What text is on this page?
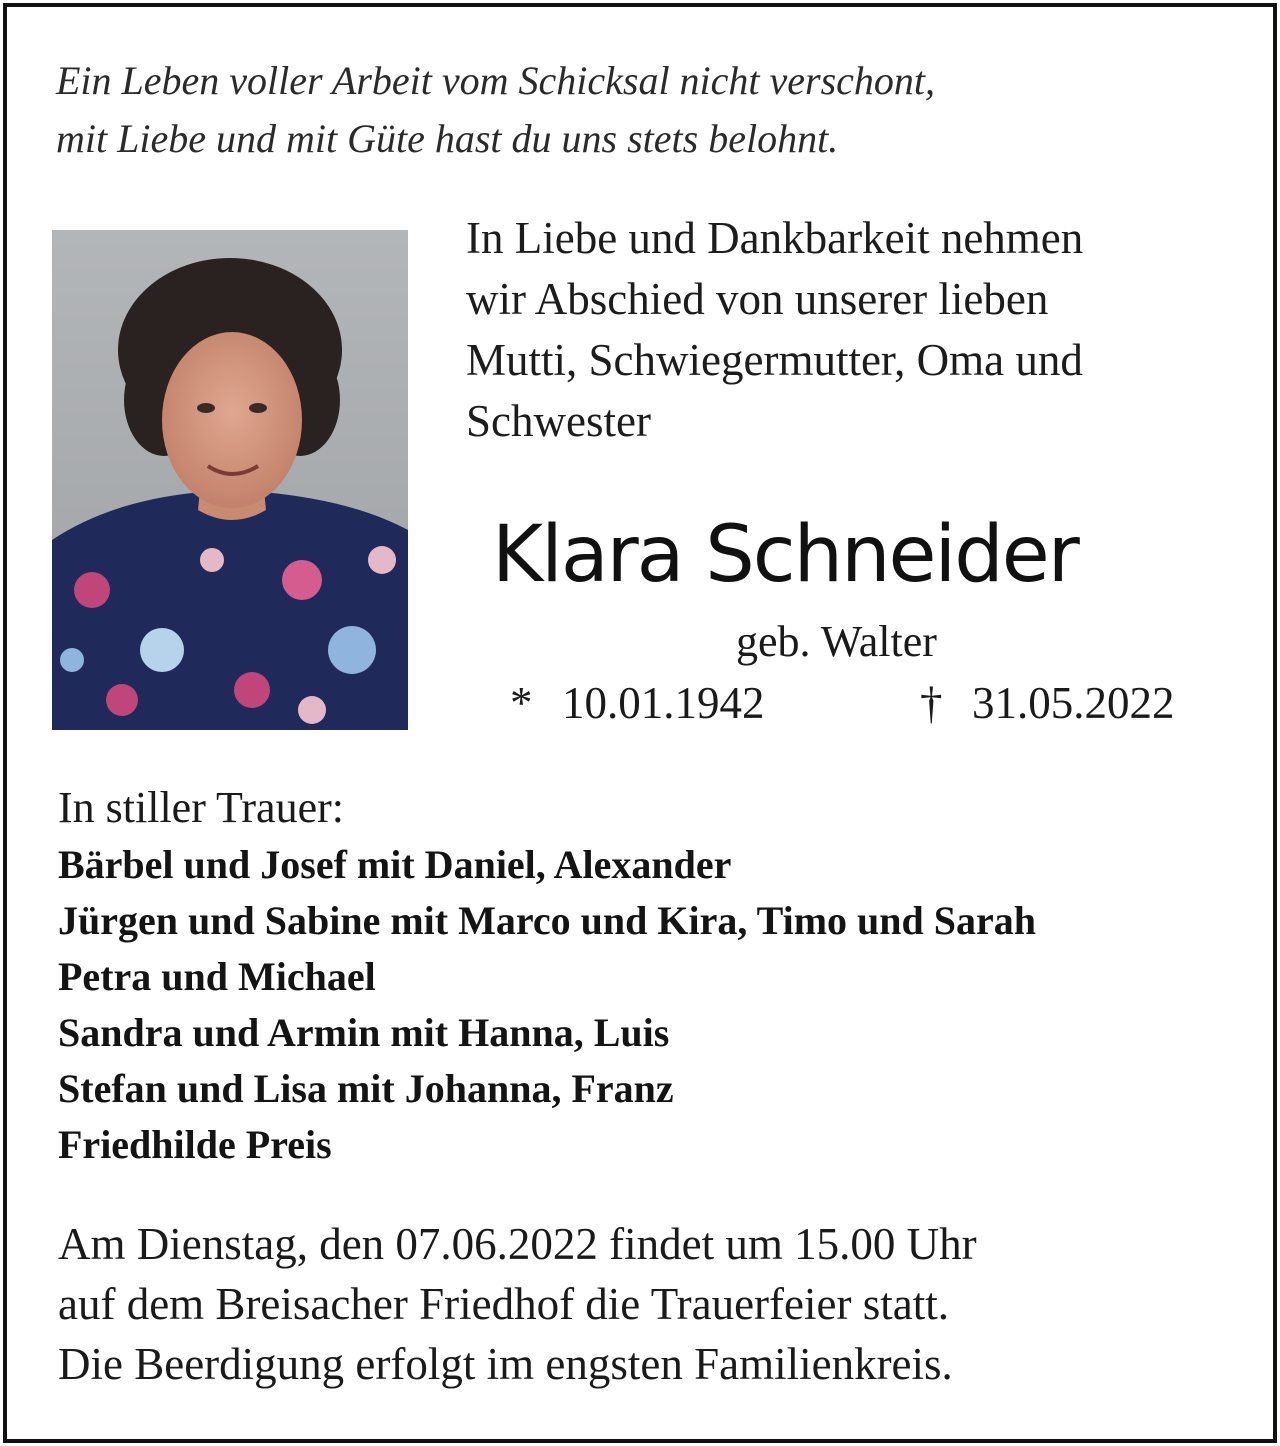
Ein Leben voller Arbeit vom Schicksal nicht verschont,
mit Liebe und mit Güte hast du uns stets belohnt.
In Liebe und Dankbarkeit nehmen
wir Abschied von unserer lieben
Mutti, Schwiegermutter, Oma und
Schwester
Klara Schneider
geb. Walter
* 10.01.1942	† 31.05.2022
In stiller Trauer:
Bärbel und Josef mit Daniel, Alexander
Jürgen und Sabine mit Marco und Kira, Timo und Sarah
Petra und Michael
Sandra und Armin mit Hanna, Luis
Stefan und Lisa mit Johanna, Franz
Friedhilde Preis
Am Dienstag, den 07.06.2022 findet um 15.00 Uhr
auf dem Breisacher Friedhof die Trauerfeier statt.
Die Beerdigung erfolgt im engsten Familienkreis.
